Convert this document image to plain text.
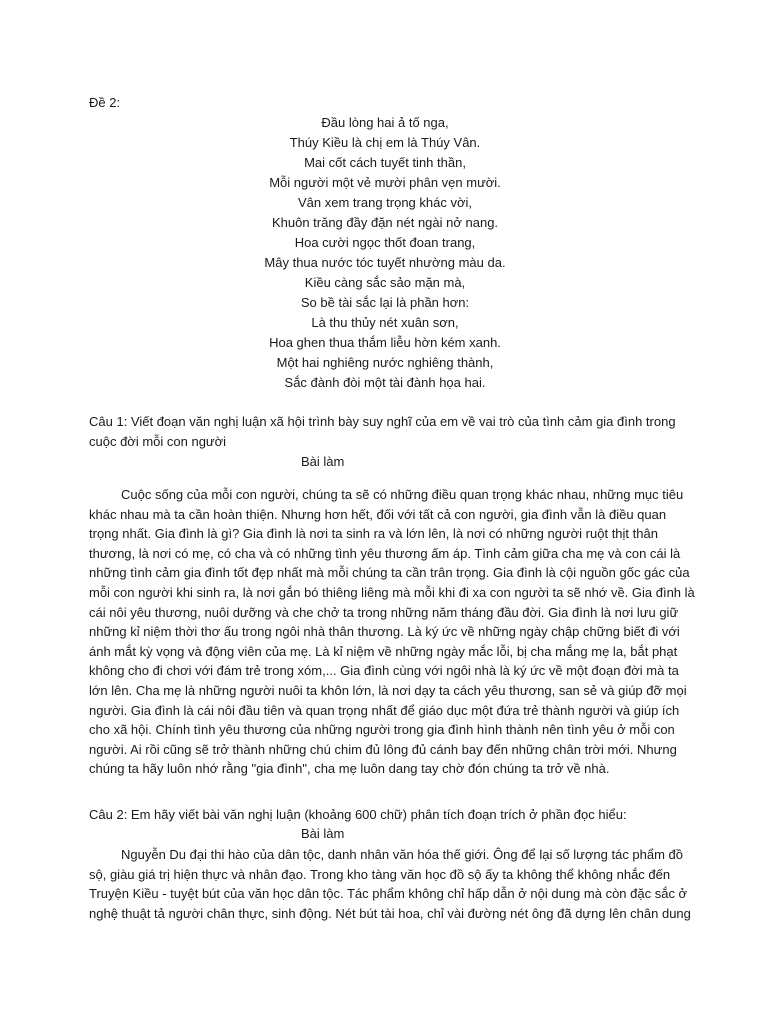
Đề 2:
Đầu lòng hai ả tố nga,
Thúy Kiều là chị em là Thúy Vân.
Mai cốt cách tuyết tinh thần,
Mỗi người một vẻ mười phân vẹn mười.
Vân xem trang trọng khác vời,
Khuôn trăng đầy đặn nét ngài nở nang.
Hoa cười ngọc thốt đoan trang,
Mây thua nước tóc tuyết nhường màu da.
Kiều càng sắc sảo mặn mà,
So bề tài sắc lại là phần hơn:
Là thu thủy nét xuân sơn,
Hoa ghen thua thắm liễu hờn kém xanh.
Một hai nghiêng nước nghiêng thành,
Sắc đành đòi một tài đành họa hai.
Câu 1: Viết đoạn văn nghị luận xã hội trình bày suy nghĩ của em về vai trò của tình cảm gia đình trong
cuộc đời mỗi con người
Bài làm
Cuộc sống của mỗi con người, chúng ta sẽ có những điều quan trọng khác nhau, những mục tiêu
khác nhau mà ta cần hoàn thiện. Nhưng hơn hết, đối với tất cả con người, gia đình vẫn là điều quan
trọng nhất. Gia đình là gì? Gia đình là nơi ta sinh ra và lớn lên, là nơi có những người ruột thịt thân
thương, là nơi có mẹ, có cha và có những tình yêu thương ấm áp. Tình cảm giữa cha mẹ và con cái là
những tình cảm gia đình tốt đẹp nhất mà mỗi chúng ta cần trân trọng. Gia đình là cội nguồn gốc gác của
mỗi con người khi sinh ra, là nơi gắn bó thiêng liêng mà mỗi khi đi xa con người ta sẽ nhớ về. Gia đình là
cái nôi yêu thương, nuôi dưỡng và che chở ta trong những năm tháng đầu đời. Gia đình là nơi lưu giữ
những kỉ niệm thời thơ ấu trong ngôi nhà thân thương. Là ký ức về những ngày chập chững biết đi với
ánh mắt kỳ vọng và động viên của mẹ. Là kỉ niệm về những ngày mắc lỗi, bị cha mắng mẹ la, bắt phạt
không cho đi chơi với đám trẻ trong xóm,... Gia đình cùng với ngôi nhà là ký ức về một đoạn đời mà ta
lớn lên. Cha mẹ là những người nuôi ta khôn lớn, là nơi dạy ta cách yêu thương, san sẻ và giúp đỡ mọi
người. Gia đình là cái nôi đầu tiên và quan trọng nhất để giáo dục một đứa trẻ thành người và giúp ích
cho xã hội. Chính tình yêu thương của những người trong gia đình hình thành nên tình yêu ở mỗi con
người. Ai rồi cũng sẽ trở thành những chú chim đủ lông đủ cánh bay đến những chân trời mới. Nhưng
chúng ta hãy luôn nhớ rằng "gia đình", cha mẹ luôn dang tay chờ đón chúng ta trở về nhà.
Câu 2: Em hãy viết bài văn nghị luận (khoảng 600 chữ) phân tích đoạn trích ở phần đọc hiểu:
Bài làm
Nguyễn Du đại thi hào của dân tộc, danh nhân văn hóa thế giới. Ông để lại số lượng tác phẩm đồ
sộ, giàu giá trị hiện thực và nhân đạo. Trong kho tàng văn học đồ sộ ấy ta không thể không nhắc đến
Truyện Kiều - tuyệt bút của văn học dân tộc. Tác phẩm không chỉ hấp dẫn ở nội dung mà còn đặc sắc ở
nghệ thuật tả người chân thực, sinh động. Nét bút tài hoa, chỉ vài đường nét ông đã dựng lên chân dung
